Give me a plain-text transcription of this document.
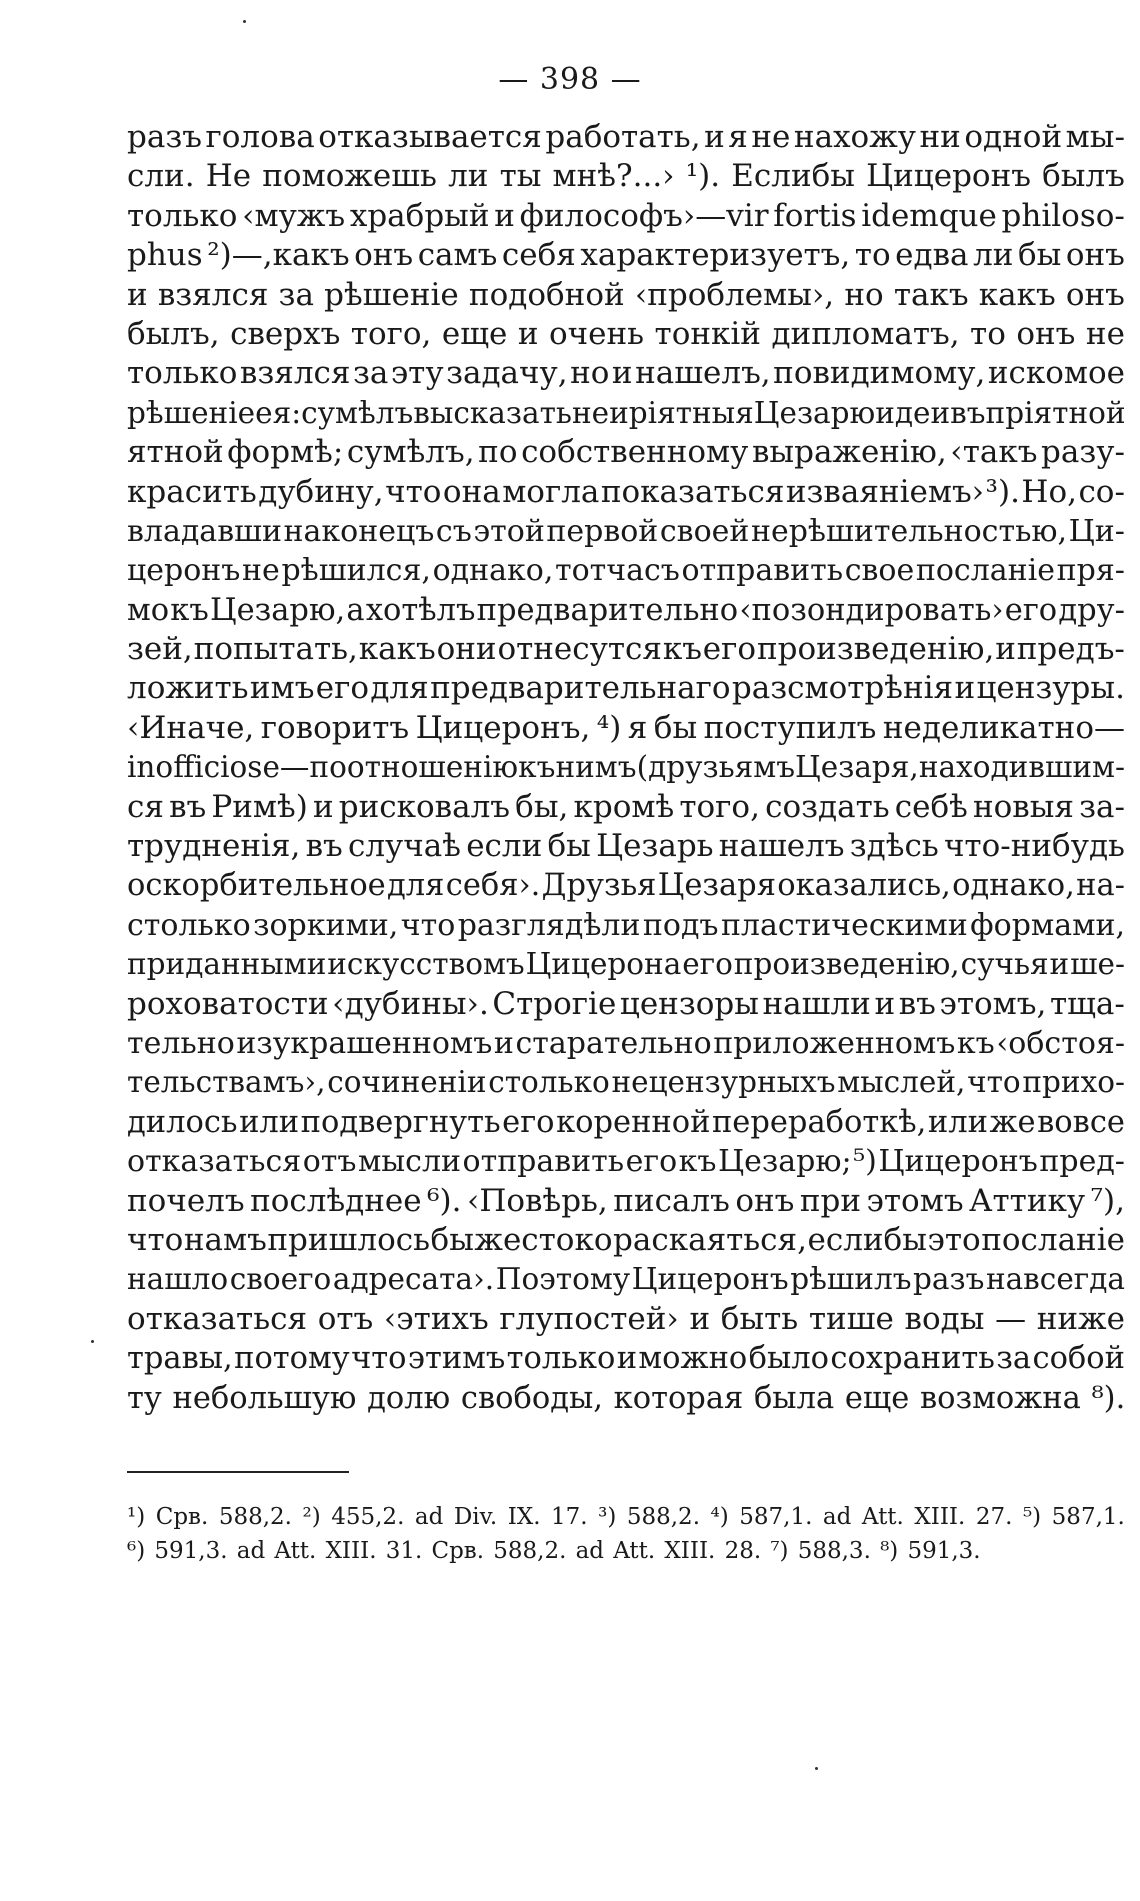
— 398 —
разъ голова отказывается работать, и я не нахожу ни одной мы-
сли. Не поможешь ли ты мнѣ?...› ¹). Еслибы Цицеронъ былъ
только ‹мужъ храбрый и философъ›—vir fortis idemque philoso-
phus ²)—,какъ онъ самъ себя характеризуетъ, то едва ли бы онъ
и взялся за рѣшеніе подобной ‹проблемы›, но такъ какъ онъ
былъ, сверхъ того, еще и очень тонкій дипломатъ, то онъ не
только взялся за эту задачу, но и нашелъ, повидимому, искомое
рѣшеніе ея: сумѣлъ высказать неиріятныя Цезарю идеи въ пріятной
ятной формѣ; сумѣлъ, по собственному выраженію, ‹такъ разу-
красить дубину, что она могла показаться изваяніемъ› ³). Но, со-
владавши наконецъ съ этой первой своей нерѣшительностью, Ци-
церонъ не рѣшился, однако, тотчасъ отправить свое посланіе пря-
мо къ Цезарю, а хотѣлъ предварительно ‹позондировать› его дру-
зей, попытать, какъ они отнесутся къ его произведенію, и предъ-
ложить имъ его для предварительнаго разсмотрѣнія и цензуры.
‹Иначе, говоритъ Цицеронъ, ⁴) я бы поступилъ неделикатно—
inofficiose—по отношенію къ нимъ (друзьямъ Цезаря, находившим-
ся въ Римѣ) и рисковалъ бы, кромѣ того, создать себѣ новыя за-
трудненія, въ случаѣ если бы Цезарь нашелъ здѣсь что-нибудь
оскорбительное для себя›. Друзья Цезаря оказались, однако, на-
столько зоркими, что разглядѣли подъ пластическими формами,
приданными искусствомъ Цицерона его произведенію, сучья и ше-
роховатости ‹дубины›. Строгіе цензоры нашли и въ этомъ, тща-
тельно изукрашенномъ и старательно приложенномъ къ ‹обстоя-
тельствамъ›, сочиненіи столько нецензурныхъ мыслей, что прихо-
дилось или подвергнуть его коренной переработкѣ, или же вовсе
отказаться отъ мысли отправить его къ Цезарю; ⁵) Цицеронъ пред-
почелъ послѣднее ⁶). ‹Повѣрь, писалъ онъ при этомъ Аттику ⁷),
что намъ пришлось бы жестоко раскаяться, еслибы это посланіе
нашло своего адресата›. Поэтому Цицеронъ рѣшилъ разъ навсегда
отказаться отъ ‹этихъ глупостей› и быть тише воды — ниже
травы, потому что этимъ только и можно было сохранить за собой
ту небольшую долю свободы, которая была еще возможна ⁸).
¹) Срв. 588,2. ²) 455,2. ad Div. IX. 17. ³) 588,2. ⁴) 587,1. ad Att. XIII. 27. ⁵) 587,1.
⁶) 591,3. ad Att. XIII. 31. Срв. 588,2. ad Att. XIII. 28. ⁷) 588,3. ⁸) 591,3.
